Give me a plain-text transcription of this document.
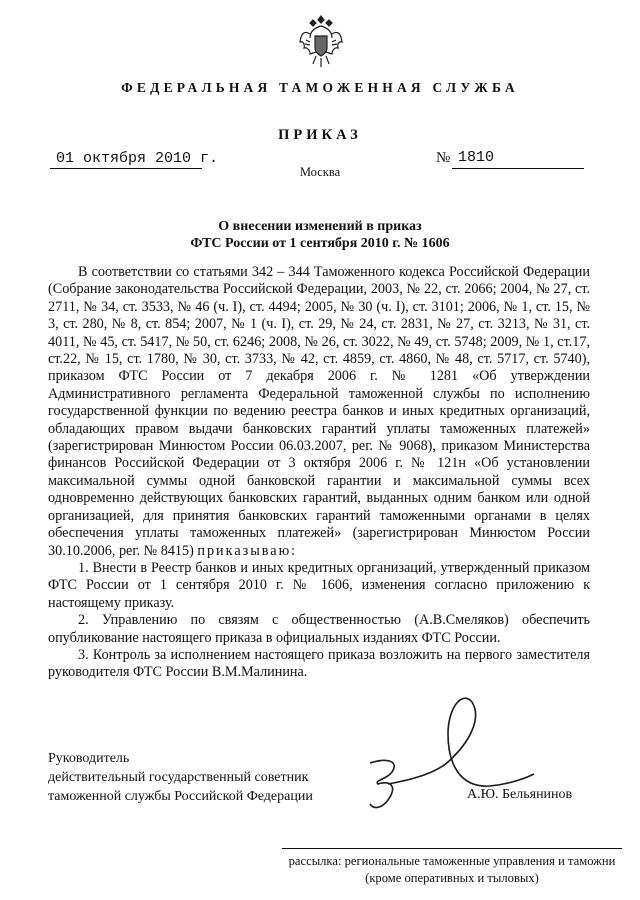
ФЕДЕРАЛЬНАЯ ТАМОЖЕННАЯ СЛУЖБА
ПРИКАЗ
01 октября 2010 г.	№ 1810
Москва
О внесении изменений в приказ
ФТС России от 1 сентября 2010 г. № 1606

В соответствии со статьями 342 – 344 Таможенного кодекса Российской Федерации (Собрание законодательства Российской Федерации, 2003, № 22, ст. 2066; 2004, № 27, ст. 2711, № 34, ст. 3533, № 46 (ч. I), ст. 4494; 2005, № 30 (ч. I), ст. 3101; 2006, № 1, ст. 15, № 3, ст. 280, № 8, ст. 854; 2007, № 1 (ч. I), ст. 29, № 24, ст. 2831, № 27, ст. 3213, № 31, ст. 4011, № 45, ст. 5417, № 50, ст. 6246; 2008, № 26, ст. 3022, № 49, ст. 5748; 2009, № 1, ст.17, ст.22, № 15, ст. 1780, № 30, ст. 3733, № 42, ст. 4859, ст. 4860, № 48, ст. 5717, ст. 5740), приказом ФТС России от 7 декабря 2006 г. № 1281 «Об утверждении Административного регламента Федеральной таможенной службы по исполнению государственной функции по ведению реестра банков и иных кредитных организаций, обладающих правом выдачи банковских гарантий уплаты таможенных платежей» (зарегистрирован Минюстом России 06.03.2007, рег. № 9068), приказом Министерства финансов Российской Федерации от 3 октября 2006 г. № 121н «Об установлении максимальной суммы одной банковской гарантии и максимальной суммы всех одновременно действующих банковских гарантий, выданных одним банком или одной организацией, для принятия банковских гарантий таможенными органами в целях обеспечения уплаты таможенных платежей» (зарегистрирован Минюстом России 30.10.2006, рег. № 8415) приказываю:

1. Внести в Реестр банков и иных кредитных организаций, утвержденный приказом ФТС России от 1 сентября 2010 г. № 1606, изменения согласно приложению к настоящему приказу.

2. Управлению по связям с общественностью (А.В.Смеляков) обеспечить опубликование настоящего приказа в официальных изданиях ФТС России.

3. Контроль за исполнением настоящего приказа возложить на первого заместителя руководителя ФТС России В.М.Малинина.

Руководитель
действительный государственный советник
таможенной службы Российской Федерации	А.Ю. Бельянинов
рассылка: региональные таможенные управления и таможни
(кроме оперативных и тыловых)
